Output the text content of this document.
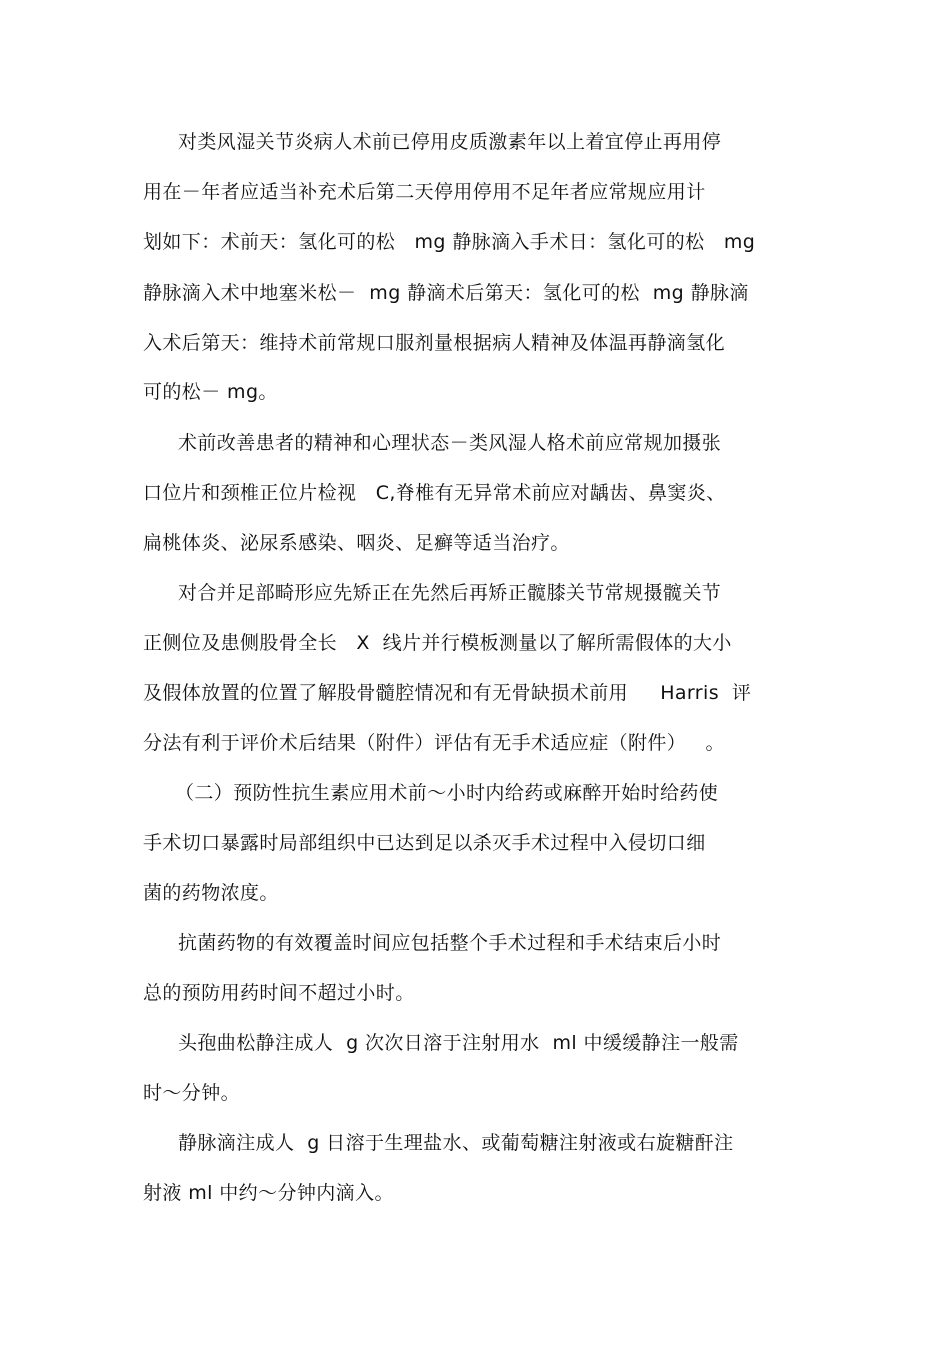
对类风湿关节炎病人术前已停用皮质激素年以上着宜停止再用停
用在－年者应适当补充术后第二天停用停用不足年者应常规应用计
划如下：术前天：氢化可的松   mg 静脉滴入手术日：氢化可的松   mg
静脉滴入术中地塞米松－  mg 静滴术后第天：氢化可的松  mg 静脉滴
入术后第天：维持术前常规口服剂量根据病人精神及体温再静滴氢化
可的松－ mg。
术前改善患者的精神和心理状态－类风湿人格术前应常规加摄张
口位片和颈椎正位片检视   C,脊椎有无异常术前应对龋齿、鼻窦炎、
扁桃体炎、泌尿系感染、咽炎、足癣等适当治疗。
对合并足部畸形应先矫正在先然后再矫正髋膝关节常规摄髋关节
正侧位及患侧股骨全长   X  线片并行模板测量以了解所需假体的大小
及假体放置的位置了解股骨髓腔情况和有无骨缺损术前用     Harris  评
分法有利于评价术后结果（附件）评估有无手术适应症（附件）   。
（二）预防性抗生素应用术前～小时内给药或麻醉开始时给药使
手术切口暴露时局部组织中已达到足以杀灭手术过程中入侵切口细
菌的药物浓度。
抗菌药物的有效覆盖时间应包括整个手术过程和手术结束后小时
总的预防用药时间不超过小时。
头孢曲松静注成人  g 次次日溶于注射用水  ml 中缓缓静注一般需
时～分钟。
静脉滴注成人  g 日溶于生理盐水、或葡萄糖注射液或右旋糖酐注
射液 ml 中约～分钟内滴入。
